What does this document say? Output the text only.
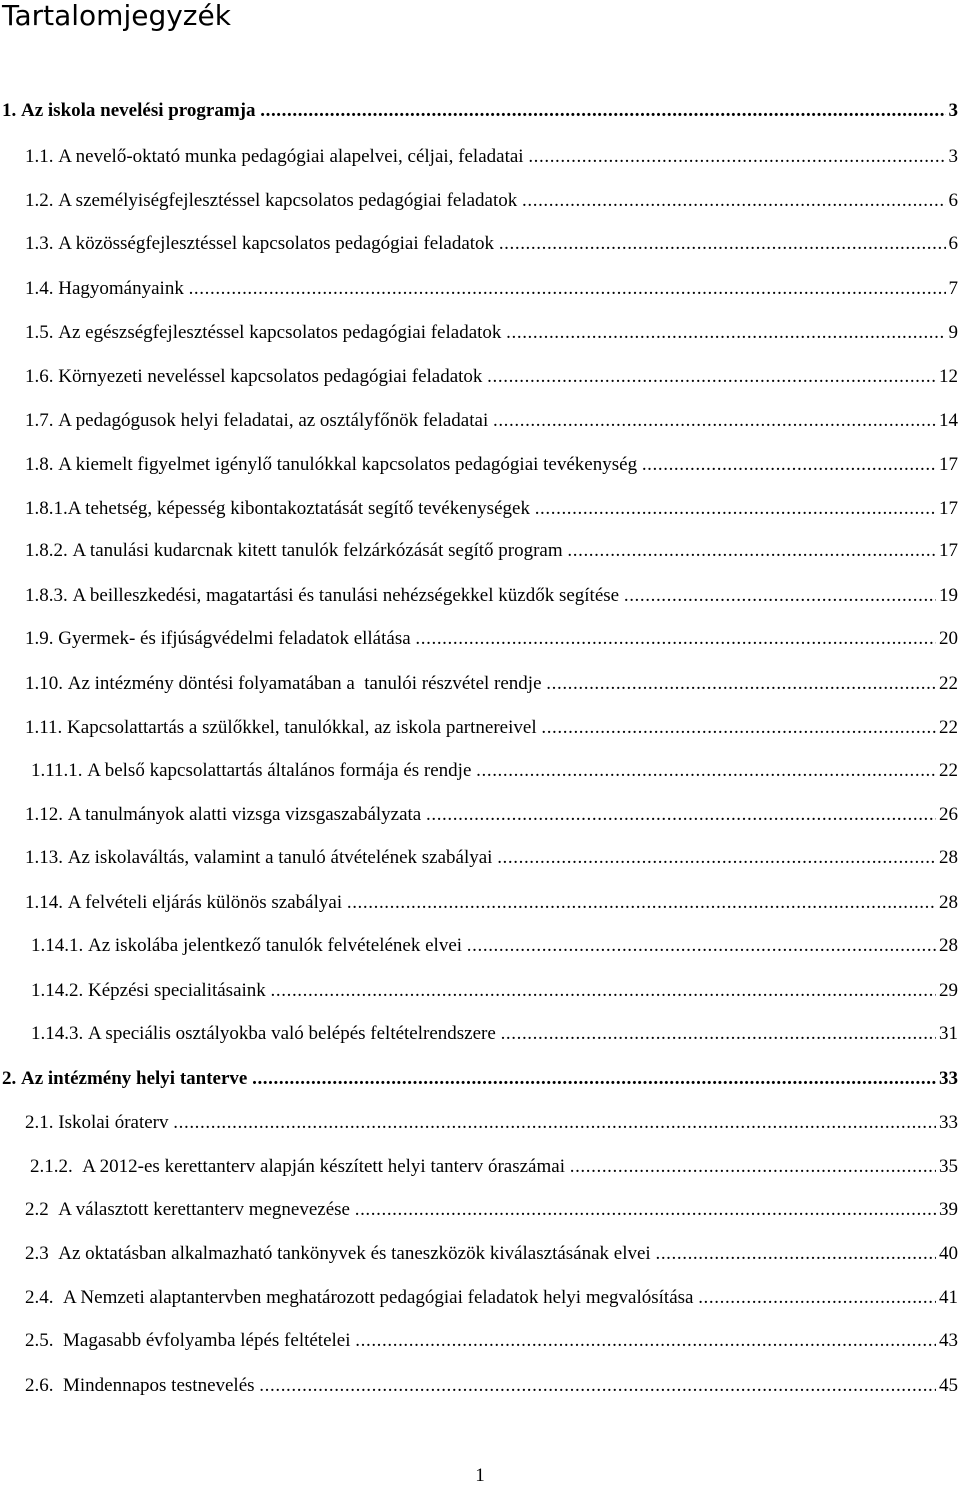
Tartalomjegyzék
1. Az iskola nevelési programja .....	3
1.1. A nevelő-oktató munka pedagógiai alapelvei, céljai, feladatai .....	3
1.2. A személyiségfejlesztéssel kapcsolatos pedagógiai feladatok .....	6
1.3. A közösségfejlesztéssel kapcsolatos pedagógiai feladatok .....	6
1.4. Hagyományaink .....	7
1.5. Az egészségfejlesztéssel kapcsolatos pedagógiai feladatok .....	9
1.6. Környezeti neveléssel kapcsolatos pedagógiai feladatok .....	12
1.7. A pedagógusok helyi feladatai, az osztályfőnök feladatai .....	14
1.8. A kiemelt figyelmet igénylő tanulókkal kapcsolatos pedagógiai tevékenység .....	17
1.8.1. A tehetség, képesség kibontakoztatását segítő tevékenységek .....	17
1.8.2. A tanulási kudarcnak kitett tanulók felzárkózását segítő program .....	17
1.8.3. A beilleszkedési, magatartási és tanulási nehézségekkel küzdők segítése .....	19
1.9. Gyermek- és ifjúságvédelmi feladatok ellátása .....	20
1.10. Az intézmény döntési folyamatában a  tanulói részvétel rendje .....	22
1.11. Kapcsolattartás a szülőkkel, tanulókkal, az iskola partnereivel .....	22
1.11.1. A belső kapcsolattartás általános formája és rendje .....	22
1.12. A tanulmányok alatti vizsga vizsgaszabályzata .....	26
1.13. Az iskolaváltás, valamint a tanuló átvételének szabályai .....	28
1.14. A felvételi eljárás különös szabályai .....	28
1.14.1. Az iskolába jelentkező tanulók felvételének elvei .....	28
1.14.2. Képzési specialitásaink .....	29
1.14.3. A speciális osztályokba való belépés feltételrendszere .....	31
2. Az intézmény helyi tanterve .....	33
2.1. Iskolai óraterv .....	33
2.1.2. A 2012-es kerettanterv alapján készített helyi tanterv óraszámai .....	35
2.2 A választott kerettanterv megnevezése .....	39
2.3 Az oktatásban alkalmazható tankönyvek és taneszközök kiválasztásának elvei .....	40
2.4. A Nemzeti alaptantervben meghatározott pedagógiai feladatok helyi megvalósítása .....	41
2.5. Magasabb évfolyamba lépés feltételei .....	43
2.6. Mindennapos testnevelés .....	45
1
